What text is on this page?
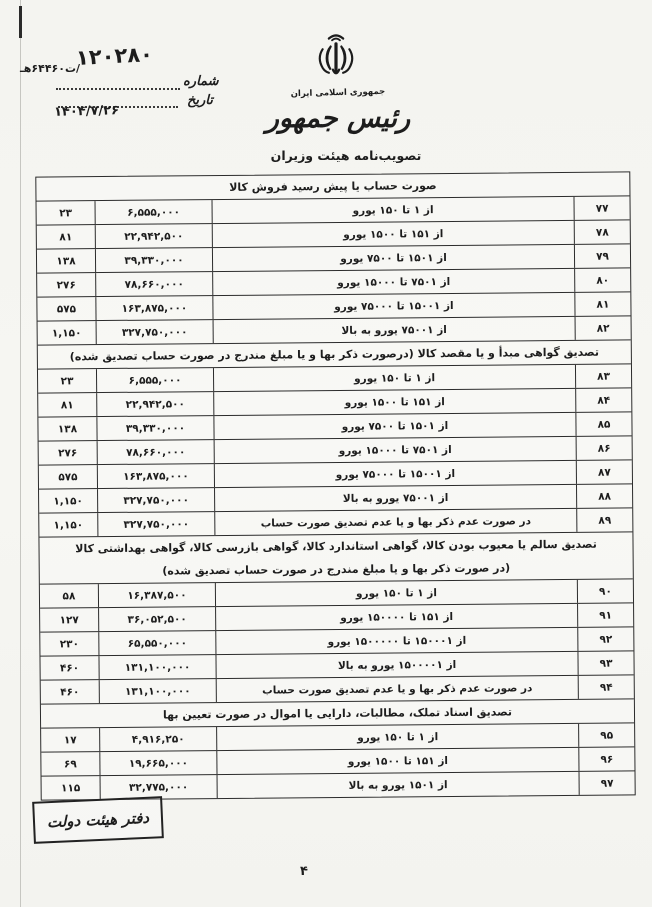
جمهوری اسلامی ایران
رئیس جمهور
تصویب‌نامه هیئت وزیران
شماره
۱۲۰۲۸۰
/ت۶۴۴۶۰هـ
تاریخ
۱۴۰۴/۷/۲۶
صورت حساب یا پیش رسید فروش کالا
۷۷
از ۱ تا ۱۵۰ یورو
۶,۵۵۵,۰۰۰
۲۳
۷۸
از ۱۵۱ تا ۱۵۰۰ یورو
۲۲,۹۴۲,۵۰۰
۸۱
۷۹
از ۱۵۰۱ تا ۷۵۰۰ یورو
۳۹,۳۳۰,۰۰۰
۱۳۸
۸۰
از ۷۵۰۱ تا ۱۵۰۰۰ یورو
۷۸,۶۶۰,۰۰۰
۲۷۶
۸۱
از ۱۵۰۰۱ تا ۷۵۰۰۰ یورو
۱۶۳,۸۷۵,۰۰۰
۵۷۵
۸۲
از ۷۵۰۰۱ یورو به بالا
۳۲۷,۷۵۰,۰۰۰
۱,۱۵۰
تصدیق گواهی مبدأ و یا مقصد کالا (درصورت ذکر بها و یا مبلغ مندرج در صورت حساب تصدیق شده)
۸۳
از ۱ تا ۱۵۰ یورو
۶,۵۵۵,۰۰۰
۲۳
۸۴
از ۱۵۱ تا ۱۵۰۰ یورو
۲۲,۹۴۲,۵۰۰
۸۱
۸۵
از ۱۵۰۱ تا ۷۵۰۰ یورو
۳۹,۳۳۰,۰۰۰
۱۳۸
۸۶
از ۷۵۰۱ تا ۱۵۰۰۰ یورو
۷۸,۶۶۰,۰۰۰
۲۷۶
۸۷
از ۱۵۰۰۱ تا ۷۵۰۰۰ یورو
۱۶۳,۸۷۵,۰۰۰
۵۷۵
۸۸
از ۷۵۰۰۱ یورو به بالا
۳۲۷,۷۵۰,۰۰۰
۱,۱۵۰
۸۹
در صورت عدم ذکر بها و یا عدم تصدیق صورت حساب
۳۲۷,۷۵۰,۰۰۰
۱,۱۵۰
تصدیق سالم یا معیوب بودن کالا، گواهی استاندارد کالا، گواهی بازرسی کالا، گواهی بهداشتی کالا
(در صورت ذکر بها و یا مبلغ مندرج در صورت حساب تصدیق شده)
۹۰
از ۱ تا ۱۵۰ یورو
۱۶,۳۸۷,۵۰۰
۵۸
۹۱
از ۱۵۱ تا ۱۵۰۰۰۰ یورو
۳۶,۰۵۲,۵۰۰
۱۲۷
۹۲
از ۱۵۰۰۰۱ تا ۱۵۰۰۰۰۰ یورو
۶۵,۵۵۰,۰۰۰
۲۳۰
۹۳
از ۱۵۰۰۰۰۱ یورو به بالا
۱۳۱,۱۰۰,۰۰۰
۴۶۰
۹۴
در صورت عدم ذکر بها و یا عدم تصدیق صورت حساب
۱۳۱,۱۰۰,۰۰۰
۴۶۰
تصدیق اسناد تملک، مطالبات، دارایی یا اموال در صورت تعیین بها
۹۵
از ۱ تا ۱۵۰ یورو
۴,۹۱۶,۲۵۰
۱۷
۹۶
از ۱۵۱ تا ۱۵۰۰ یورو
۱۹,۶۶۵,۰۰۰
۶۹
۹۷
از ۱۵۰۱ یورو به بالا
۳۲,۷۷۵,۰۰۰
۱۱۵
دفتر هیئت دولت
۴
